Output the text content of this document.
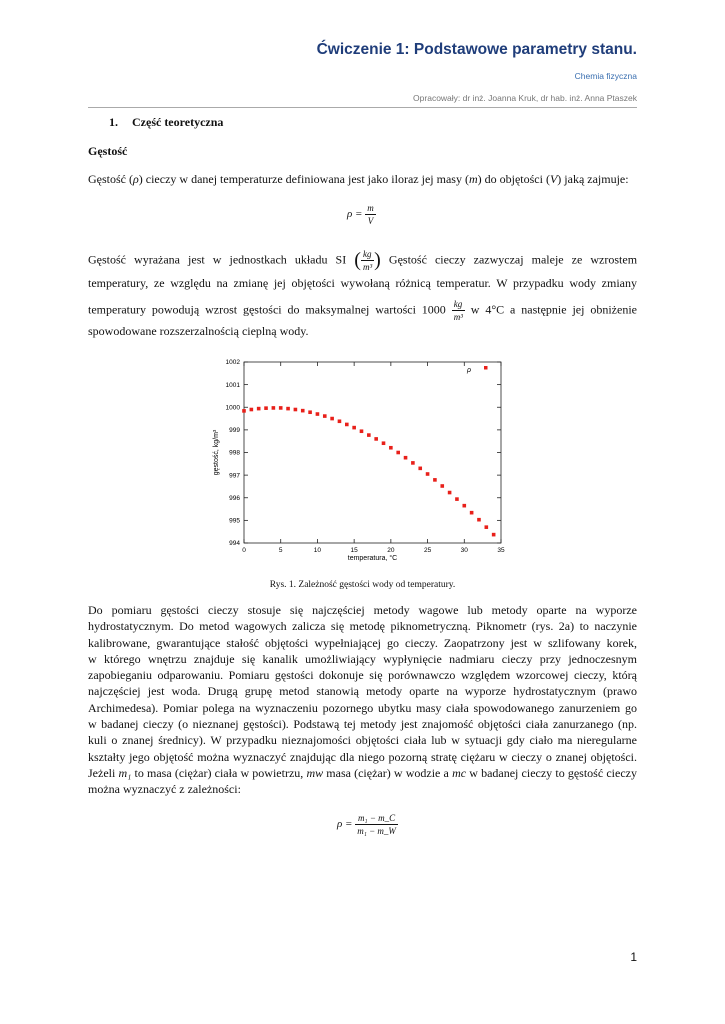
Ćwiczenie 1: Podstawowe parametry stanu.
Chemia fizyczna
Opracowały: dr inż. Joanna Kruk, dr hab. inż. Anna Ptaszek
1. Część teoretyczna
Gęstość
Gęstość (ρ) cieczy w danej temperaturze definiowana jest jako iloraz jej masy (m) do objętości (V) jaką zajmuje:
$\rho = \frac{m}{V}$
Gęstość wyrażana jest w jednostkach układu SI ( $\frac{kg}{\text{m³}}$ ) Gęstość cieczy zazwyczaj maleje ze wzrostem
temperatury, ze względu na zmianę jej objętości wywołaną różnicą temperatur. W przypadku wody zmiany
temperatury powodują wzrost gęstości do maksymalnej wartości $1000 \frac{kg}{\text{m³}}$ w 4°C a następnie jej obniżenie
spowodowane rozszerzalnością cieplną wody.
ρ
temperatura, °C
gęstość, kg/m³
0	5	10	15	20	25	30	35
994
995
996
997
998
999
1000
1001
1002
Rys. 1. Zależność gęstości wody od temperatury.
Do pomiaru gęstości cieczy stosuje się najczęściej metody wagowe lub metody oparte na wyporze
hydrostatycznym. Do metod wagowych zalicza się metodę piknometryczną. Piknometr (rys. 2a) to naczynie
kalibrowane, gwarantujące stałość objętości wypełniającej go cieczy. Zaopatrzony jest w szlifowany korek,
w którego wnętrzu znajduje się kanalik umożliwiający wypłynięcie nadmiaru cieczy przy jednoczesnym
zapobieganiu odparowaniu. Pomiaru gęstości dokonuje się porównawczo względem wzorcowej cieczy, którą
najczęściej jest woda. Drugą grupę metod stanowią metody oparte na wyporze hydrostatycznym (prawo
Archimedesa). Pomiar polega na wyznaczeniu pozornego ubytku masy ciała spowodowanego zanurzeniem go
w badanej cieczy (o nieznanej gęstości). Podstawą tej metody jest znajomość objętości ciała zanurzanego (np.
kuli o znanej średnicy). W przypadku nieznajomości objętości ciała lub w sytuacji gdy ciało ma nieregularne
kształty jego objętość można wyznaczyć znajdując dla niego pozorną stratę ciężaru w cieczy o znanej objętości.
Jeżeli m₁ to masa (ciężar) ciała w powietrzu, mw masa (ciężar) w wodzie a mc w badanej cieczy to gęstość cieczy
można wyznaczyć z zależności:
$\rho = \frac{\text{m₁ − m\_C}}{\text{m₁ − m\_W}}$
1
